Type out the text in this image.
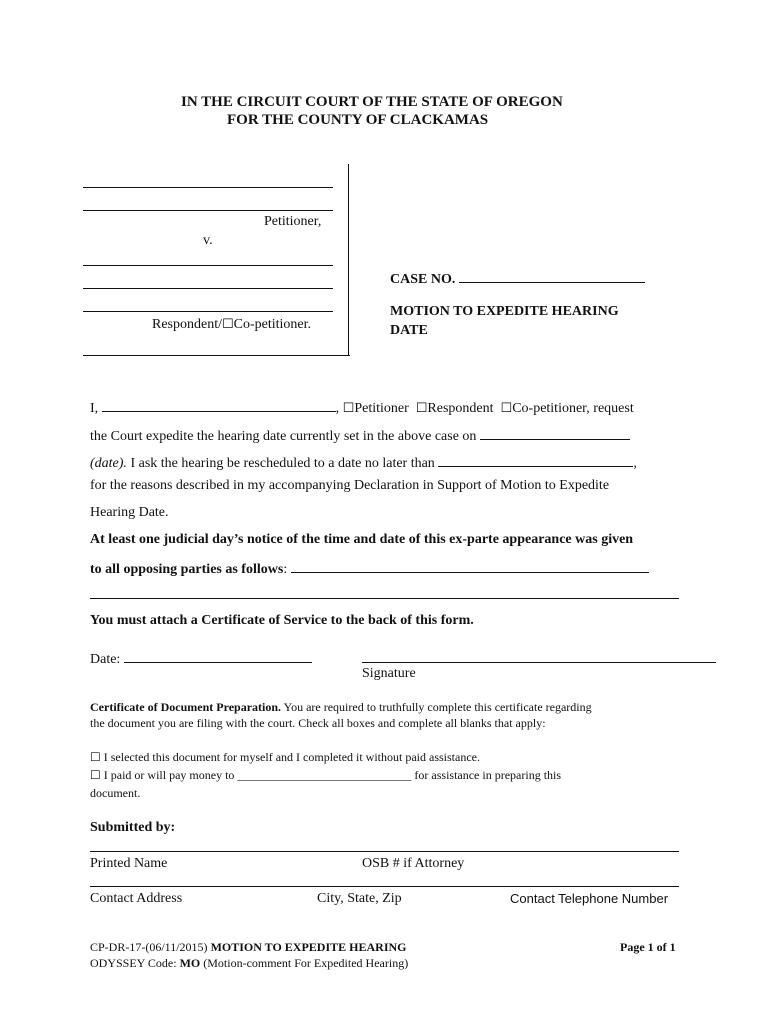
IN THE CIRCUIT COURT OF THE STATE OF OREGON
FOR THE COUNTY OF CLACKAMAS
Petitioner,
v.
Respondent/☐Co-petitioner.
CASE NO.
MOTION TO EXPEDITE HEARING
DATE
I,	, ☐Petitioner ☐Respondent ☐Co-petitioner, request
the Court expedite the hearing date currently set in the above case on
(date). I ask the hearing be rescheduled to a date no later than	,
for the reasons described in my accompanying Declaration in Support of Motion to Expedite
Hearing Date.
At least one judicial day’s notice of the time and date of this ex-parte appearance was given
to all opposing parties as follows:
You must attach a Certificate of Service to the back of this form.
Date:
Signature
Certificate of Document Preparation. You are required to truthfully complete this certificate regarding
the document you are filing with the court. Check all boxes and complete all blanks that apply:
☐ I selected this document for myself and I completed it without paid assistance.
☐ I paid or will pay money to _____________________________ for assistance in preparing this
document.
Submitted by:
Printed Name	OSB # if Attorney
Contact Address	City, State, Zip	Contact Telephone Number
CP-DR-17-(06/11/2015) MOTION TO EXPEDITE HEARING	Page 1 of 1
ODYSSEY Code: MO (Motion-comment For Expedited Hearing)
